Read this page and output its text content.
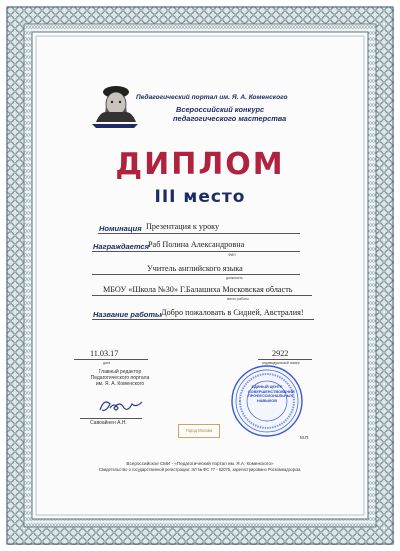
Педагогический портал им. Я. А. Коменского
Всероссийский конкурс
педагогического мастерства
ДИПЛОМ
III место
Номинация Презентация к уроку
Награждается
Раб Полина Александровна
ФИО
Учитель английского языка
должность
МБОУ «Школа №30» Г.Балашиха Московская область
место работы
Название работы Добро пожаловать в Сидней, Австралия!
11.03.17
дата
2922
индивидуальный номер
Главный редактор
Педагогического портала
им. Я. А. Коменского
Савоайнен А.Н.
Город Москва
ЕДИНЫЙ ЦЕНТР
СОВЕРШЕНСТВОВАНИЯ
ПРОФЕССИОНАЛЬНЫХ
НАВЫКОВ
М.П.
Всероссийское СМИ - «Педагогический портал им. Я.А. Коменского»
Свидетельство о государственной регистрации: ЭЛ № ФС 77 - 62075, зарегистрировано Роскомнадзором.
